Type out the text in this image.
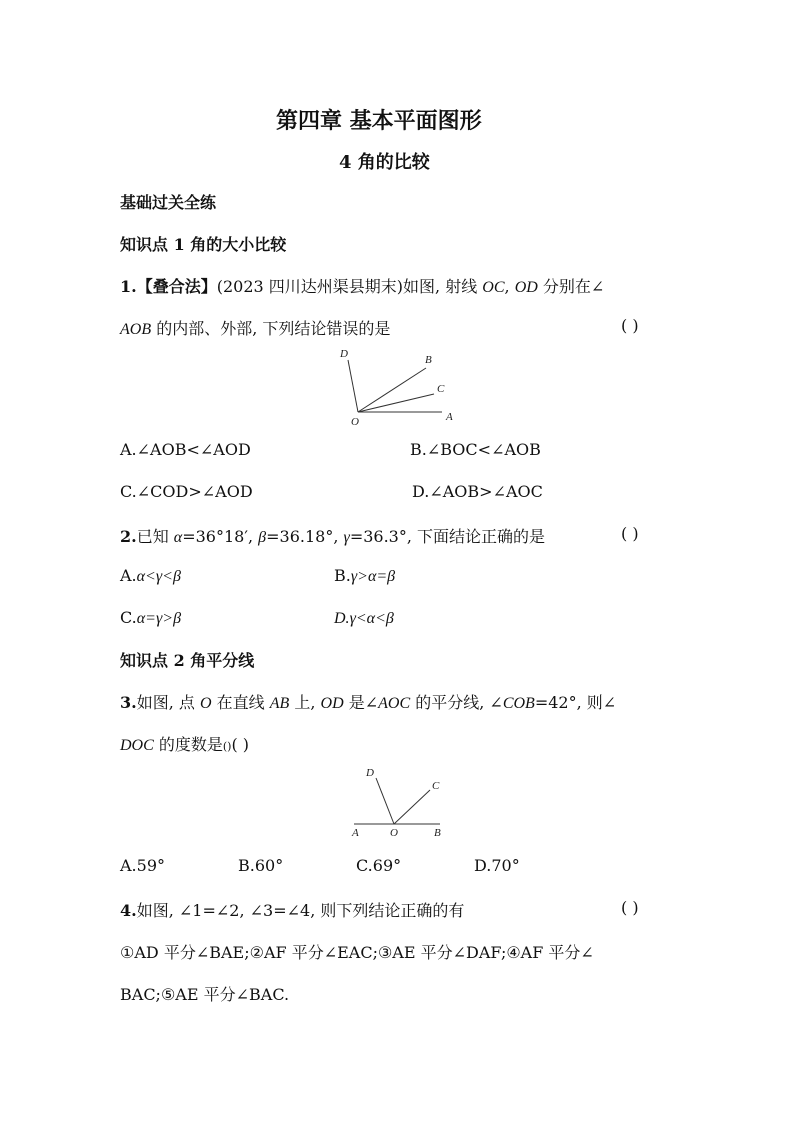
第四章 基本平面图形
4 角的比较
基础过关全练
知识点 1 角的大小比较
1.【叠合法】(2023 四川达州渠县期末)如图, 射线 OC, OD 分别在∠
AOB 的内部、外部, 下列结论错误的是	( )
D	B
C
O	A
A.∠AOB<∠AOD	B.∠BOC<∠AOB
C.∠COD>∠AOD	D.∠AOB>∠AOC
2.已知 α=36°18′, β=36.18°, γ=36.3°, 下面结论正确的是	( )
A.α<γ<β	B.γ>α=β
C.α=γ>β	D.γ<α<β
知识点 2 角平分线
3.如图, 点 O 在直线 AB 上, OD 是∠AOC 的平分线, ∠COB=42°, 则∠
DOC 的度数是()( )
D
C
A	O	B
A.59°	B.60°	C.69°	D.70°
4.如图, ∠1=∠2, ∠3=∠4, 则下列结论正确的有	( )
①AD 平分∠BAE;②AF 平分∠EAC;③AE 平分∠DAF;④AF 平分∠
BAC;⑤AE 平分∠BAC.
